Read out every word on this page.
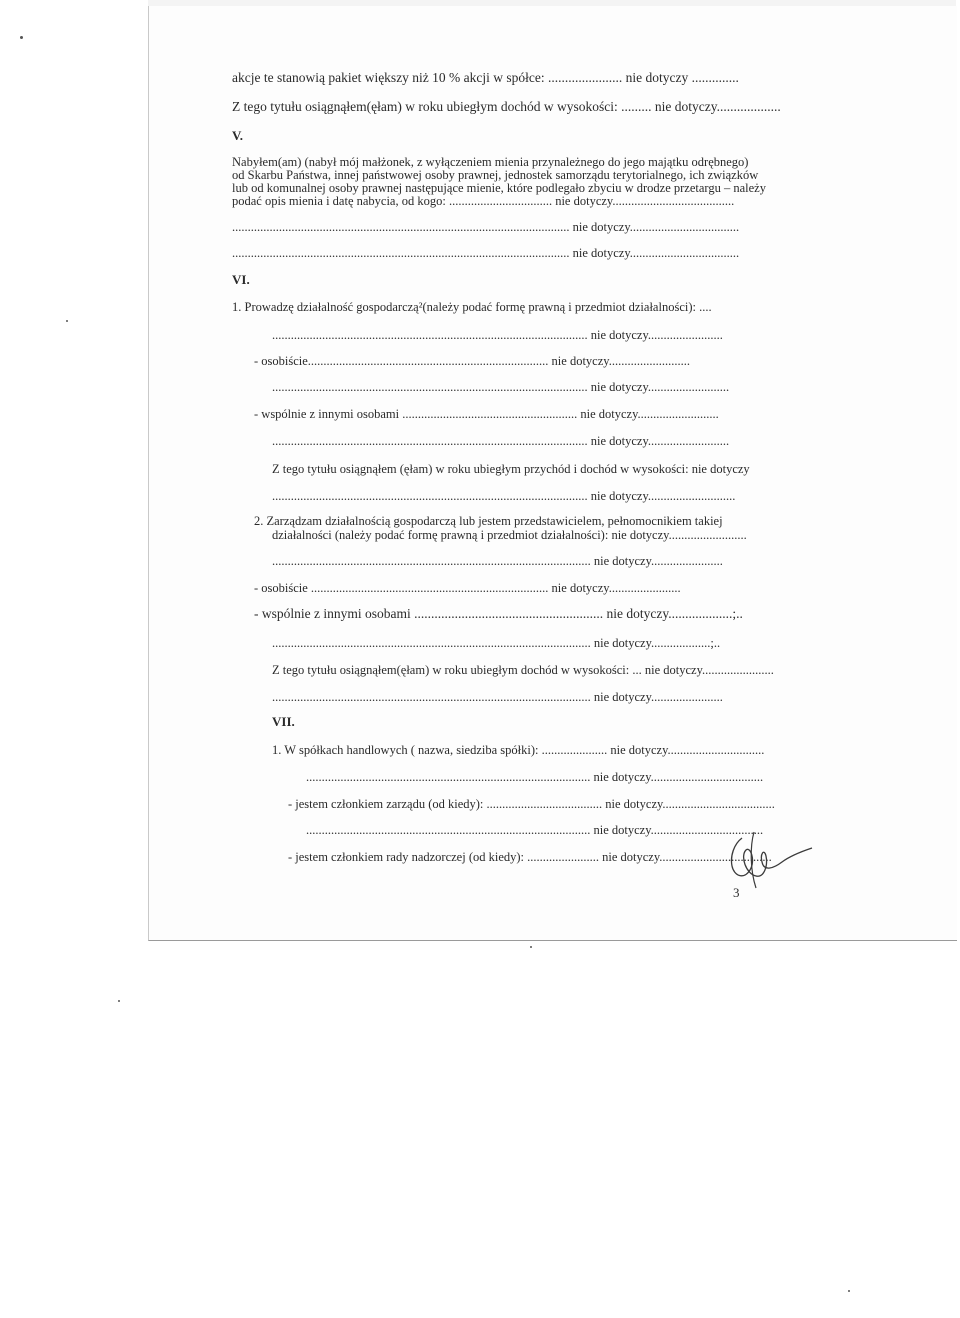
akcje te stanowią pakiet większy niż 10 % akcji w spółce: ...................... nie dotyczy ..............
Z tego tytułu osiągnąłem(ęłam) w roku ubiegłym dochód w wysokości: ......... nie dotyczy...................
V.
Nabyłem(am) (nabył mój małżonek, z wyłączeniem mienia przynależnego do jego majątku odrębnego)
od Skarbu Państwa, innej państwowej osoby prawnej, jednostek samorządu terytorialnego, ich związków
lub od komunalnej osoby prawnej następujące mienie, które podlegało zbyciu w drodze przetargu – należy
podać opis mienia i datę nabycia, od kogo: ................................. nie dotyczy.......................................
............................................................................................................ nie dotyczy...................................
............................................................................................................ nie dotyczy...................................
VI.
1. Prowadzę działalność gospodarczą²(należy podać formę prawną i przedmiot działalności): ....
..................................................................................................... nie dotyczy........................
- osobiście............................................................................. nie dotyczy..........................
..................................................................................................... nie dotyczy..........................
- wspólnie z innymi osobami ........................................................ nie dotyczy..........................
..................................................................................................... nie dotyczy..........................
Z tego tytułu osiągnąłem (ęłam) w roku ubiegłym przychód i dochód w wysokości: nie dotyczy
..................................................................................................... nie dotyczy............................
2. Zarządzam działalnością gospodarczą lub jestem przedstawicielem, pełnomocnikiem takiej
działalności (należy podać formę prawną i przedmiot działalności): nie dotyczy.........................
...................................................................................................... nie dotyczy.......................
- osobiście ............................................................................ nie dotyczy.......................
- wspólnie z innymi osobami ........................................................ nie dotyczy...................;..
...................................................................................................... nie dotyczy...................;..
Z tego tytułu osiągnąłem(ęłam) w roku ubiegłym dochód w wysokości: ... nie dotyczy.......................
...................................................................................................... nie dotyczy.......................
VII.
1. W spółkach handlowych ( nazwa, siedziba spółki): ..................... nie dotyczy...............................
........................................................................................... nie dotyczy....................................
- jestem członkiem zarządu (od kiedy): ..................................... nie dotyczy....................................
........................................................................................... nie dotyczy....................................
- jestem członkiem rady nadzorczej (od kiedy): ....................... nie dotyczy....................................
3
